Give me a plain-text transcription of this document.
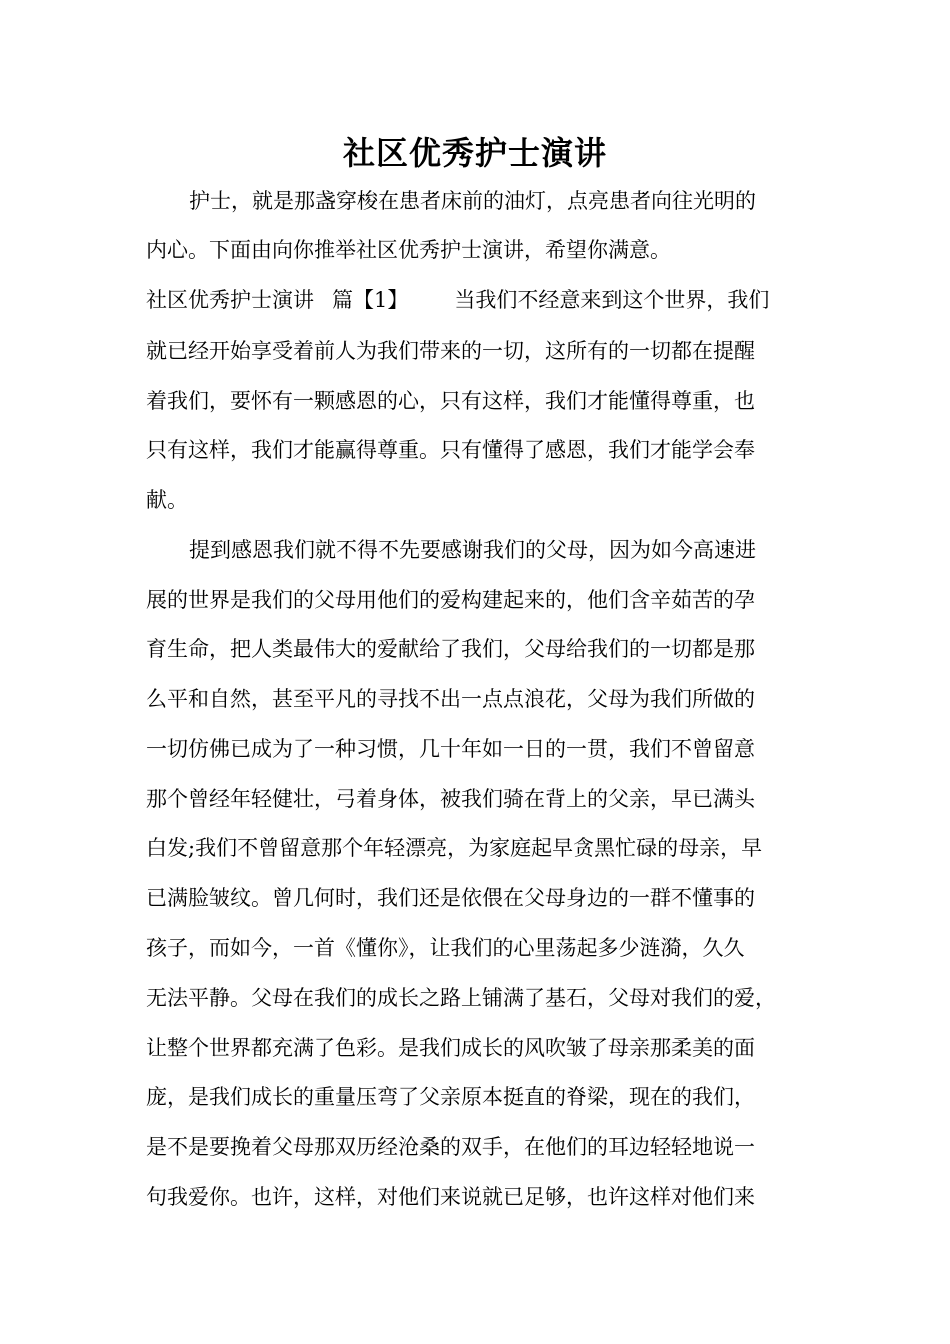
社区优秀护士演讲
护士，就是那盏穿梭在患者床前的油灯，点亮患者向往光明的
内心。下面由向你推举社区优秀护士演讲，希望你满意。
社区优秀护士演讲 篇【1】 当我们不经意来到这个世界，我们
就已经开始享受着前人为我们带来的一切，这所有的一切都在提醒
着我们，要怀有一颗感恩的心，只有这样，我们才能懂得尊重，也
只有这样，我们才能赢得尊重。只有懂得了感恩，我们才能学会奉
献。
提到感恩我们就不得不先要感谢我们的父母，因为如今高速进
展的世界是我们的父母用他们的爱构建起来的，他们含辛茹苦的孕
育生命，把人类最伟大的爱献给了我们，父母给我们的一切都是那
么平和自然，甚至平凡的寻找不出一点点浪花，父母为我们所做的
一切仿佛已成为了一种习惯，几十年如一日的一贯，我们不曾留意
那个曾经年轻健壮，弓着身体，被我们骑在背上的父亲，早已满头
白发;我们不曾留意那个年轻漂亮，为家庭起早贪黑忙碌的母亲，早
已满脸皱纹。曾几何时，我们还是依偎在父母身边的一群不懂事的
孩子，而如今，一首《懂你》，让我们的心里荡起多少涟漪，久久
无法平静。父母在我们的成长之路上铺满了基石，父母对我们的爱，
让整个世界都充满了色彩。是我们成长的风吹皱了母亲那柔美的面
庞，是我们成长的重量压弯了父亲原本挺直的脊梁，现在的我们，
是不是要挽着父母那双历经沧桑的双手，在他们的耳边轻轻地说一
句我爱你。也许，这样，对他们来说就已足够，也许这样对他们来
